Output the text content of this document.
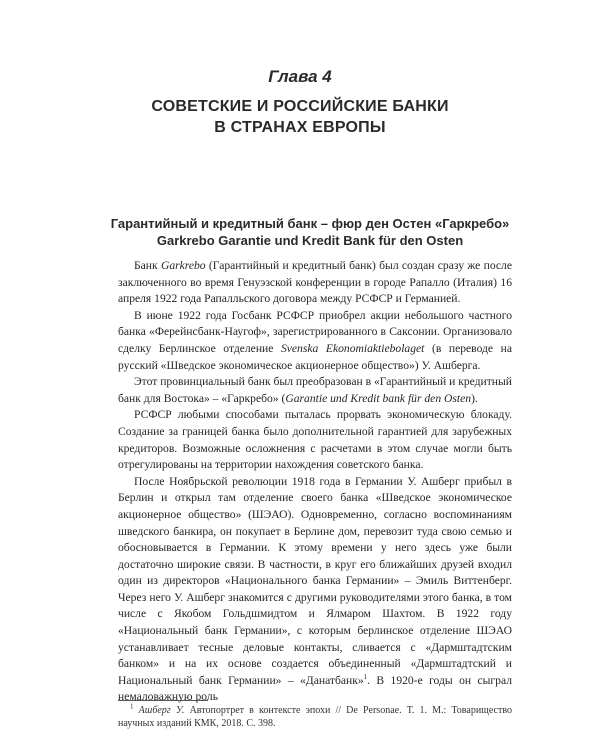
Глава 4
СОВЕТСКИЕ И РОССИЙСКИЕ БАНКИ
В СТРАНАХ ЕВРОПЫ
Гарантийный и кредитный банк – фюр ден Остен «Гаркребо»
Garkrebo Garantie und Kredit Bank für den Osten

Банк Garkrebo (Гарантийный и кредитный банк) был создан сразу же после заключенного во время Генуэзской конференции в городе Рапалло (Италия) 16 апреля 1922 года Рапалльского договора между РСФСР и Германией.

В июне 1922 года Госбанк РСФСР приобрел акции небольшого частного банка «Ферейнсбанк-Наугоф», зарегистрированного в Саксонии. Организовало сделку Берлинское отделение Svenska Ekonomiaktiebolaget (в переводе на русский «Шведское экономическое акционерное общество») У. Ашберга.

Этот провинциальный банк был преобразован в «Гарантийный и кредитный банк для Востока» – «Гаркребо» (Garantie und Kredit bank für den Osten).

РСФСР любыми способами пыталась прорвать экономическую блокаду. Создание за границей банка было дополнительной гарантией для зарубежных кредиторов. Возможные осложнения с расчетами в этом случае могли быть отрегулированы на территории нахождения советского банка.

После Ноябрьской революции 1918 года в Германии У. Ашберг прибыл в Берлин и открыл там отделение своего банка «Шведское экономическое акционерное общество» (ШЭАО). Одновременно, согласно воспоминаниям шведского банкира, он покупает в Берлине дом, перевозит туда свою семью и обосновывается в Германии. К этому времени у него здесь уже были достаточно широкие связи. В частности, в круг его ближайших друзей входил один из директоров «Национального банка Германии» – Эмиль Виттенберг. Через него У. Ашберг знакомится с другими руководителями этого банка, в том числе с Якобом Гольдшмидтом и Ялмаром Шахтом. В 1922 году «Национальный банк Германии», с которым берлинское отделение ШЭАО устанавливает тесные деловые контакты, сливается с «Дармштадтским банком» и на их основе создается объединенный «Дармштадтский и Национальный банк Германии» – «Данатбанк»$^1$. В 1920-е годы он сыграл немаловажную роль

$^1$ Ашберг У. Автопортрет в контексте эпохи // De Personae. Т. 1. М.: Товарищество научных изданий КМК, 2018. С. 398.
